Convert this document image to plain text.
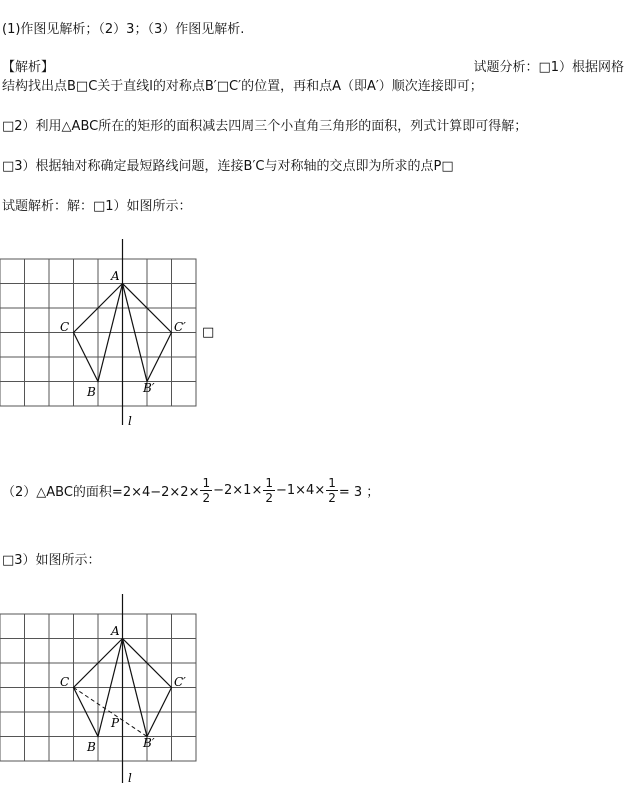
(1)作图见解析；（2）3；（3）作图见解析.
【解析】	试题分析：□1）根据网格
结构找出点B□C关于直线l的对称点B′□C′的位置，再和点A（即A′）顺次连接即可；
□2）利用△ABC所在的矩形的面积减去四周三个小直角三角形的面积，列式计算即可得解；
□3）根据轴对称确定最短路线问题，连接B′C与对称轴的交点即为所求的点P□
试题解析：解：□1）如图所示：
A
C	C′
B	B′
l
□
（2）△ABC的面积$=2\times 4-2\times 2\times \frac{1}{2} -2\times 1\times \frac{1}{2} -1\times 4\times \frac{1}{2} = 3$ ；
□3）如图所示：
A
C	C′
B	B′
P
l
